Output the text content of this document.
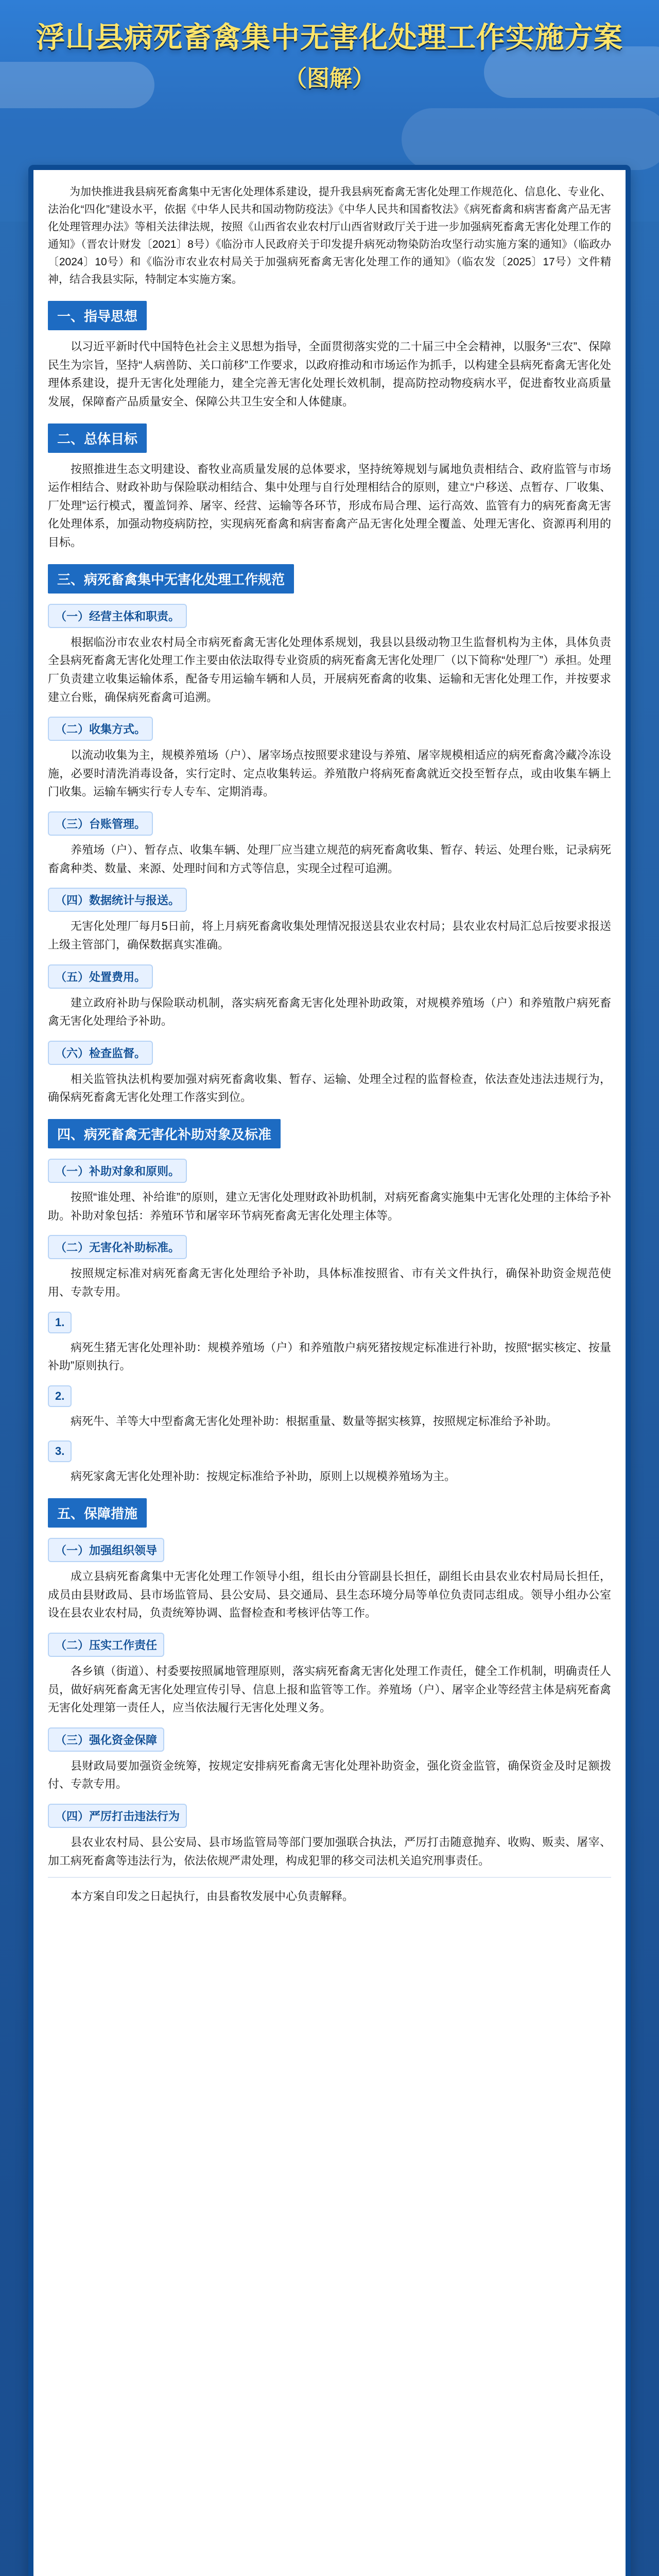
浮山县病死畜禽集中无害化处理工作实施方案
（图解）

为加快推进我县病死畜禽集中无害化处理体系建设，提升我县病死畜禽无害化处理工作规范化、信息化、专业化、法治化“四化”建设水平，依据《中华人民共和国动物防疫法》《中华人民共和国畜牧法》《病死畜禽和病害畜禽产品无害化处理管理办法》等相关法律法规，按照《山西省农业农村厅山西省财政厅关于进一步加强病死畜禽无害化处理工作的通知》（晋农计财发〔2021〕8号）《临汾市人民政府关于印发提升病死动物染防治攻坚行动实施方案的通知》（临政办〔2024〕10号）和《临汾市农业农村局关于加强病死畜禽无害化处理工作的通知》（临农发〔2025〕17号）文件精神，结合我县实际，特制定本实施方案。

一、指导思想

以习近平新时代中国特色社会主义思想为指导，全面贯彻落实党的二十届三中全会精神，以服务“三农”、保障民生为宗旨，坚持“人病兽防、关口前移”工作要求，以政府推动和市场运作为抓手，以构建全县病死畜禽无害化处理体系建设，提升无害化处理能力，建全完善无害化处理长效机制，提高防控动物疫病水平，促进畜牧业高质量发展，保障畜产品质量安全、保障公共卫生安全和人体健康。

二、总体目标

按照推进生态文明建设、畜牧业高质量发展的总体要求，坚持统筹规划与属地负责相结合、政府监管与市场运作相结合、财政补助与保险联动相结合、集中处理与自行处理相结合的原则，建立“户移送、点暂存、厂收集、厂处理”运行模式，覆盖饲养、屠宰、经营、运输等各环节，形成布局合理、运行高效、监管有力的病死畜禽无害化处理体系，加强动物疫病防控，实现病死畜禽和病害畜禽产品无害化处理全覆盖、处理无害化、资源再利用的目标。

三、病死畜禽集中无害化处理工作规范
（一）经营主体和职责。

根据临汾市农业农村局全市病死畜禽无害化处理体系规划，我县以县级动物卫生监督机构为主体，具体负责全县病死畜禽无害化处理工作主要由依法取得专业资质的病死畜禽无害化处理厂（以下简称“处理厂”）承担。处理厂负责建立收集运输体系，配备专用运输车辆和人员，开展病死畜禽的收集、运输和无害化处理工作，并按要求建立台账，确保病死畜禽可追溯。

（二）收集方式。

以流动收集为主，规模养殖场（户）、屠宰场点按照要求建设与养殖、屠宰规模相适应的病死畜禽冷藏冷冻设施，必要时清洗消毒设备，实行定时、定点收集转运。养殖散户将病死畜禽就近交投至暂存点，或由收集车辆上门收集。运输车辆实行专人专车、定期消毒。

（三）台账管理。

养殖场（户）、暂存点、收集车辆、处理厂应当建立规范的病死畜禽收集、暂存、转运、处理台账，记录病死畜禽种类、数量、来源、处理时间和方式等信息，实现全过程可追溯。

（四）数据统计与报送。

无害化处理厂每月5日前，将上月病死畜禽收集处理情况报送县农业农村局；县农业农村局汇总后按要求报送上级主管部门，确保数据真实准确。

（五）处置费用。

建立政府补助与保险联动机制，落实病死畜禽无害化处理补助政策，对规模养殖场（户）和养殖散户病死畜禽无害化处理给予补助。

（六）检查监督。

相关监管执法机构要加强对病死畜禽收集、暂存、运输、处理全过程的监督检查，依法查处违法违规行为，确保病死畜禽无害化处理工作落实到位。

四、病死畜禽无害化补助对象及标准
（一）补助对象和原则。

按照“谁处理、补给谁”的原则，建立无害化处理财政补助机制，对病死畜禽实施集中无害化处理的主体给予补助。补助对象包括：养殖环节和屠宰环节病死畜禽无害化处理主体等。

（二）无害化补助标准。

按照规定标准对病死畜禽无害化处理给予补助，具体标准按照省、市有关文件执行，确保补助资金规范使用、专款专用。

1.

病死生猪无害化处理补助：规模养殖场（户）和养殖散户病死猪按规定标准进行补助，按照“据实核定、按量补助”原则执行。

2.

病死牛、羊等大中型畜禽无害化处理补助：根据重量、数量等据实核算，按照规定标准给予补助。

3.

病死家禽无害化处理补助：按规定标准给予补助，原则上以规模养殖场为主。

五、保障措施
（一）加强组织领导

成立县病死畜禽集中无害化处理工作领导小组，组长由分管副县长担任，副组长由县农业农村局局长担任，成员由县财政局、县市场监管局、县公安局、县交通局、县生态环境分局等单位负责同志组成。领导小组办公室设在县农业农村局，负责统筹协调、监督检查和考核评估等工作。

（二）压实工作责任

各乡镇（街道）、村委要按照属地管理原则，落实病死畜禽无害化处理工作责任，健全工作机制，明确责任人员，做好病死畜禽无害化处理宣传引导、信息上报和监管等工作。养殖场（户）、屠宰企业等经营主体是病死畜禽无害化处理第一责任人，应当依法履行无害化处理义务。

（三）强化资金保障

县财政局要加强资金统筹，按规定安排病死畜禽无害化处理补助资金，强化资金监管，确保资金及时足额拨付、专款专用。

（四）严厉打击违法行为

县农业农村局、县公安局、县市场监管局等部门要加强联合执法，严厉打击随意抛弃、收购、贩卖、屠宰、加工病死畜禽等违法行为，依法依规严肃处理，构成犯罪的移交司法机关追究刑事责任。

本方案自印发之日起执行，由县畜牧发展中心负责解释。
